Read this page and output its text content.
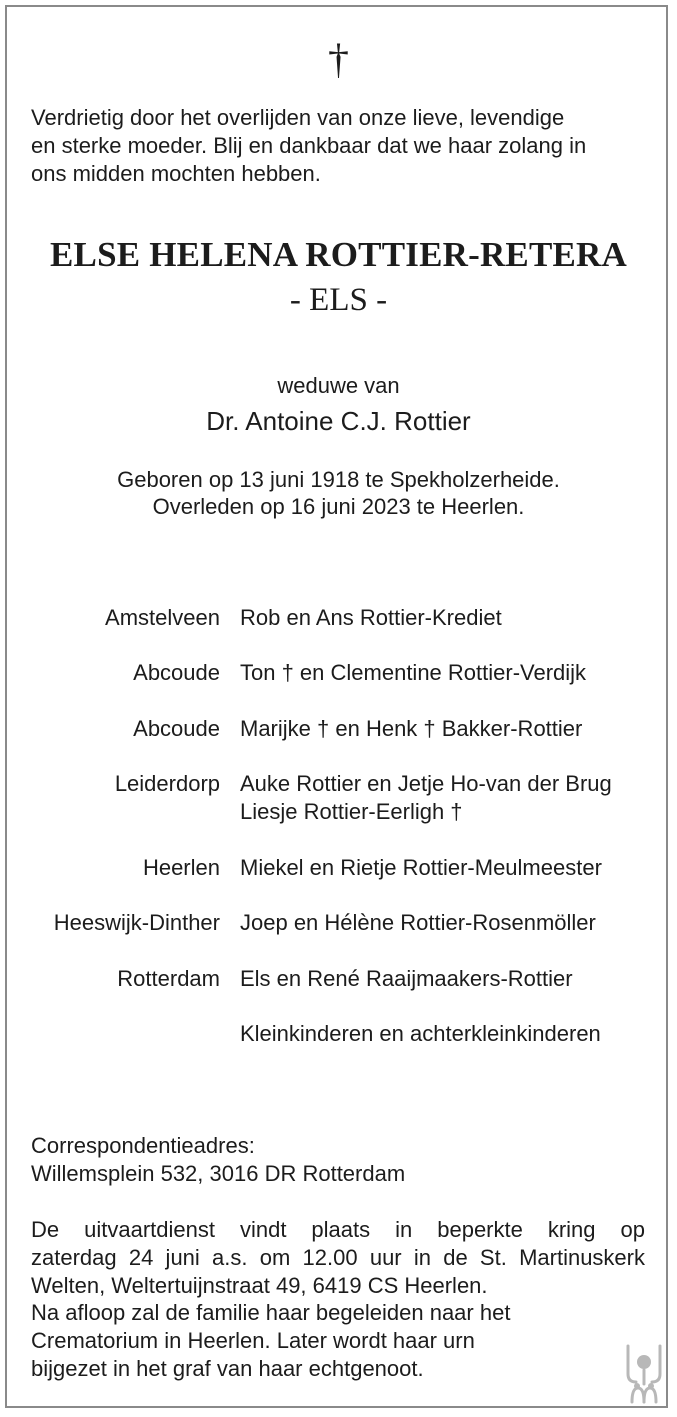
†

Verdrietig door het overlijden van onze lieve, levendige

en sterke moeder. Blij en dankbaar dat we haar zolang in

ons midden mochten hebben.

ELSE HELENA ROTTIER-RETERA
- ELS -
weduwe van
Dr. Antoine C.J. Rottier
Geboren op 13 juni 1918 te Spekholzerheide.
Overleden op 16 juni 2023 te Heerlen.
Amstelveen Rob en Ans Rottier-Krediet
Abcoude Ton † en Clementine Rottier-Verdijk
Abcoude Marijke † en Henk † Bakker-Rottier
Leiderdorp Auke Rottier en Jetje Ho-van der Brug
Liesje Rottier-Eerligh †
Heerlen Miekel en Rietje Rottier-Meulmeester
Heeswijk-Dinther Joep en Hélène Rottier-Rosenmöller
Rotterdam Els en René Raaijmaakers-Rottier
Kleinkinderen en achterkleinkinderen
Correspondentieadres:
Willemsplein 532, 3016 DR Rotterdam

De uitvaartdienst vindt plaats in beperkte kring op

zaterdag 24 juni a.s. om 12.00 uur in de St. Martinuskerk

Welten, Weltertuijnstraat 49, 6419 CS Heerlen.

Na afloop zal de familie haar begeleiden naar het
Crematorium in Heerlen. Later wordt haar urn
bijgezet in het graf van haar echtgenoot.
